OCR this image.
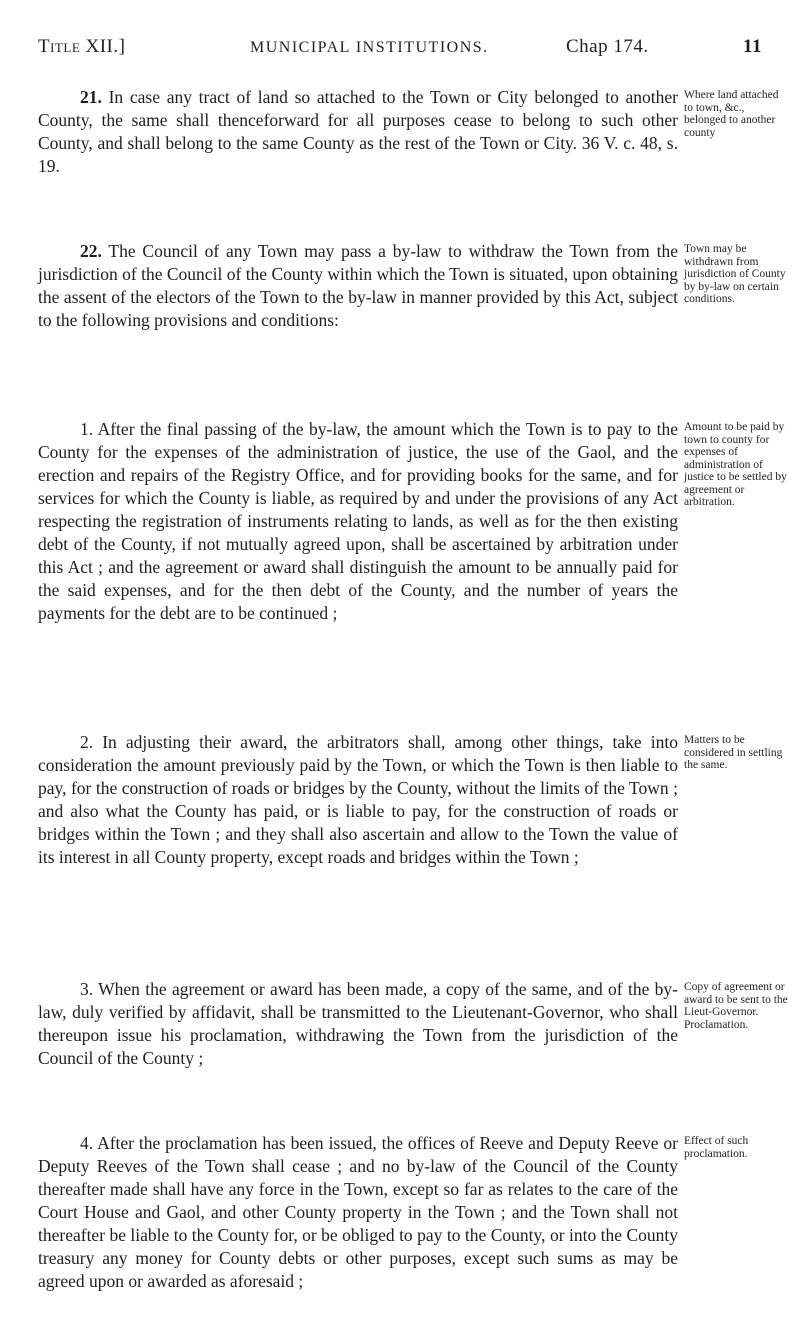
Title XII.]	MUNICIPAL INSTITUTIONS.	Chap 174.	11

21. In case any tract of land so attached to the Town or City belonged to another County, the same shall thenceforward for all purposes cease to belong to such other County, and shall belong to the same County as the rest of the Town or City. 36 V. c. 48, s. 19.

22. The Council of any Town may pass a by-law to withdraw the Town from the jurisdiction of the Council of the County within which the Town is situated, upon obtaining the assent of the electors of the Town to the by-law in manner provided by this Act, subject to the following provisions and conditions:

1. After the final passing of the by-law, the amount which the Town is to pay to the County for the expenses of the administration of justice, the use of the Gaol, and the erection and repairs of the Registry Office, and for providing books for the same, and for services for which the County is liable, as required by and under the provisions of any Act respecting the registration of instruments relating to lands, as well as for the then existing debt of the County, if not mutually agreed upon, shall be ascertained by arbitration under this Act ; and the agreement or award shall distinguish the amount to be annually paid for the said expenses, and for the then debt of the County, and the number of years the payments for the debt are to be continued ;

2. In adjusting their award, the arbitrators shall, among other things, take into consideration the amount previously paid by the Town, or which the Town is then liable to pay, for the construction of roads or bridges by the County, without the limits of the Town ; and also what the County has paid, or is liable to pay, for the construction of roads or bridges within the Town ; and they shall also ascertain and allow to the Town the value of its interest in all County property, except roads and bridges within the Town ;

3. When the agreement or award has been made, a copy of the same, and of the by-law, duly verified by affidavit, shall be transmitted to the Lieutenant-Governor, who shall thereupon issue his proclamation, withdrawing the Town from the jurisdiction of the Council of the County ;

4. After the proclamation has been issued, the offices of Reeve and Deputy Reeve or Deputy Reeves of the Town shall cease ; and no by-law of the Council of the County thereafter made shall have any force in the Town, except so far as relates to the care of the Court House and Gaol, and other County property in the Town ; and the Town shall not thereafter be liable to the County for, or be obliged to pay to the County, or into the County treasury any money for County debts or other purposes, except such sums as may be agreed upon or awarded as aforesaid ;

Where land attached to town, &c., belonged to another county

Town may be withdrawn from jurisdiction of County by by-law on certain conditions.

Amount to be paid by town to county for expenses of administration of justice to be settled by agreement or arbitration.

Matters to be considered in settling the same.

Copy of agreement or award to be sent to the Lieut-Governor. Proclamation.

Effect of such proclamation.
